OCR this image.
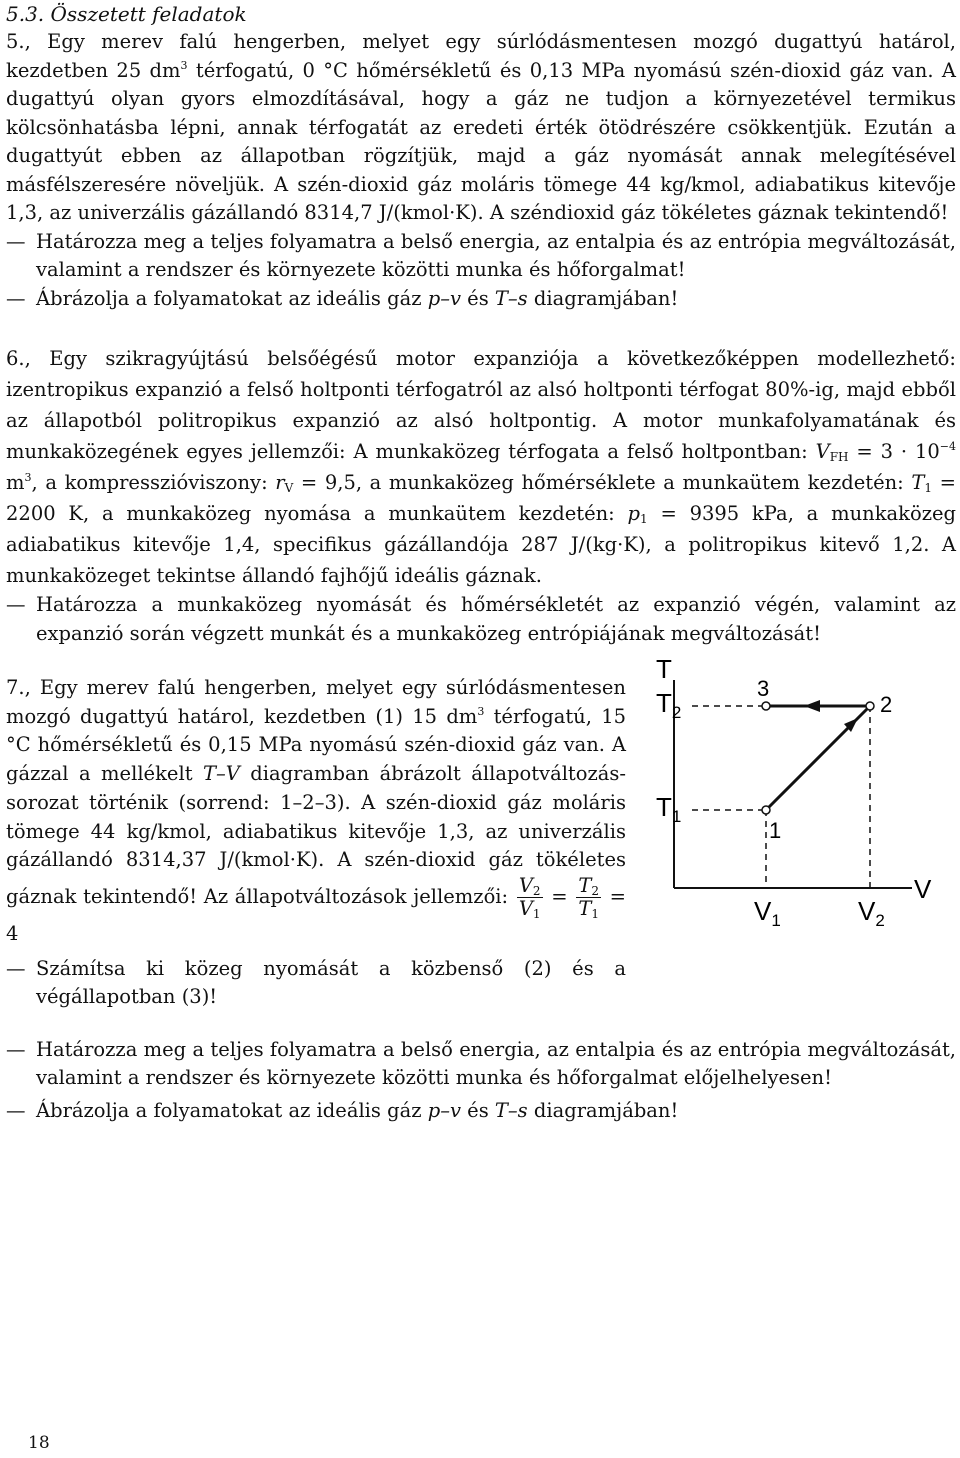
5.3. Összetett feladatok

5., Egy merev falú hengerben, melyet egy súrlódásmentesen mozgó dugattyú határol, kezdetben 25 $dm^3$ térfogatú, 0 °C hőmérsékletű és 0,13 MPa nyomású szén-dioxid gáz van. A dugattyú olyan gyors elmozdításával, hogy a gáz ne tudjon a környezetével termikus kölcsönhatásba lépni, annak térfogatát az eredeti érték ötödrészére csökkentjük. Ezután a dugattyút ebben az állapotban rögzítjük, majd a gáz nyomását annak melegítésével másfélszeresére növeljük. A szén-dioxid gáz moláris tömege 44 kg/kmol, adiabatikus kitevője 1,3, az univerzális gázállandó 8314,7 J/(kmol·K). A széndioxid gáz tökéletes gáznak tekintendő!

— Határozza meg a teljes folyamatra a belső energia, az entalpia és az entrópia megváltozását, valamint a rendszer és környezete közötti munka és hőforgalmat!
— Ábrázolja a folyamatokat az ideális gáz p–v és T–s diagramjában!

6., Egy szikragyújtású belsőégésű motor expanziója a következőképpen modellezhető: izentropikus expanzió a felső holtponti térfogatról az alsó holtponti térfogat 80%-ig, majd ebből az állapotból politropikus expanzió az alsó holtpontig. A motor munkafolyamatának és munkaközegének egyes jellemzői: A munkaközeg térfogata a felső holtpontban: $V_{FH} = 3 \cdot 10^{-4}$ $m^3$, a kompresszióviszony: $r_V = 9,5$, a munkaközeg hőmérséklete a munkaütem kezdetén: $T_1 = 2200$ K, a munkaközeg nyomása a munkaütem kezdetén: $p_1 = 9395$ kPa, a munkaközeg adiabatikus kitevője 1,4, specifikus gázállandója 287 J/(kg·K), a politropikus kitevő 1,2. A munkaközeget tekintse állandó fajhőjű ideális gáznak.

— Határozza a munkaközeg nyomását és hőmérsékletét az expanzió végén, valamint az expanzió során végzett munkát és a munkaközeg entrópiájának megváltozását!

7., Egy merev falú hengerben, melyet egy súrlódásmentesen mozgó dugattyú határol, kezdetben (1) 15 $dm^3$ térfogatú, 15 °C hőmérsékletű és 0,15 MPa nyomású szén-dioxid gáz van. A gázzal a mellékelt T–V diagramban ábrázolt állapotváltozás-sorozat történik (sorrend: 1–2–3). A szén-dioxid gáz moláris tömege 44 kg/kmol, adiabatikus kitevője 1,3, az univerzális gázállandó 8314,37 J/(kmol·K). A szén-dioxid gáz tökéletes gáznak tekintendő! Az állapotváltozások jellemzői: $\frac{V_2}{V_1} = \frac{T_2}{T_1} = 4$

— Számítsa ki közeg nyomását a közbenső (2) és a végállapotban (3)!
— Határozza meg a teljes folyamatra a belső energia, az entalpia és az entrópia megváltozását, valamint a rendszer és környezete közötti munka és hőforgalmat előjelhelyesen!
— Ábrázolja a folyamatokat az ideális gáz p–v és T–s diagramjában!
T
V
$T_2$
$T_1$
1
2
3
$V_1$	$V_2$
18
